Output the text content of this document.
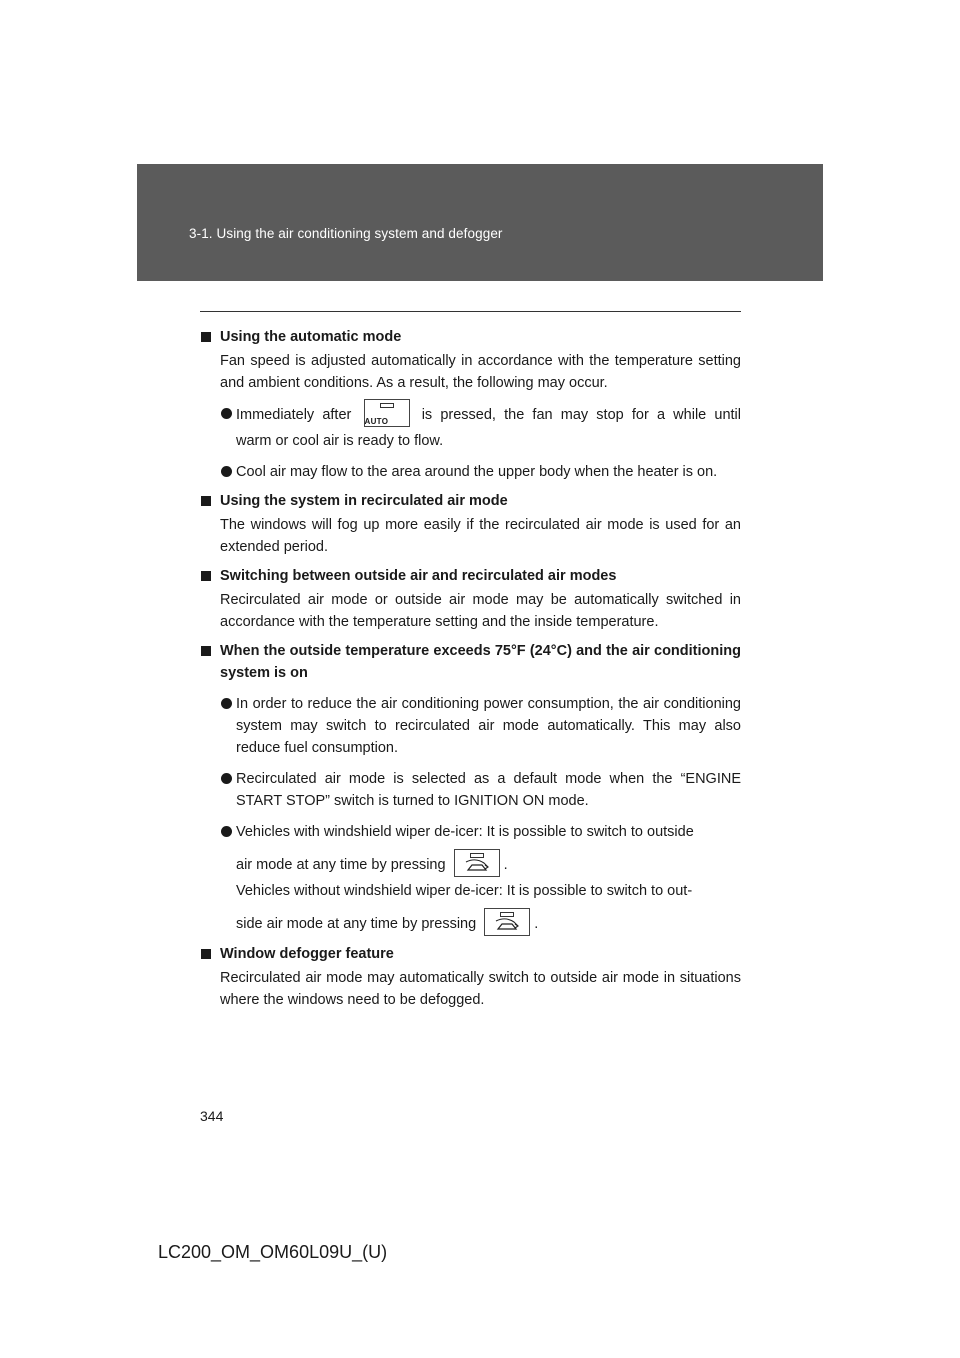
3-1. Using the air conditioning system and defogger
Using the automatic mode
Fan speed is adjusted automatically in accordance with the temperature setting and ambient conditions. As a result, the following may occur.
Immediately after AUTO	is pressed, the fan may stop for a while until
warm or cool air is ready to flow.
Cool air may flow to the area around the upper body when the heater is on.
Using the system in recirculated air mode
The windows will fog up more easily if the recirculated air mode is used for an extended period.
Switching between outside air and recirculated air modes
Recirculated air mode or outside air mode may be automatically switched in accordance with the temperature setting and the inside temperature.
When the outside temperature exceeds 75°F (24°C) and the air conditioning system is on
In order to reduce the air conditioning power consumption, the air conditioning system may switch to recirculated air mode automatically. This may also reduce fuel consumption.
Recirculated air mode is selected as a default mode when the “ENGINE START STOP” switch is turned to IGNITION ON mode.
Vehicles with windshield wiper de-icer: It is possible to switch to outside
air mode at any time by pressing	.
Vehicles without windshield wiper de-icer: It is possible to switch to out-
side air mode at any time by pressing	.
Window defogger feature
Recirculated air mode may automatically switch to outside air mode in situations where the windows need to be defogged.
344
LC200_OM_OM60L09U_(U)
